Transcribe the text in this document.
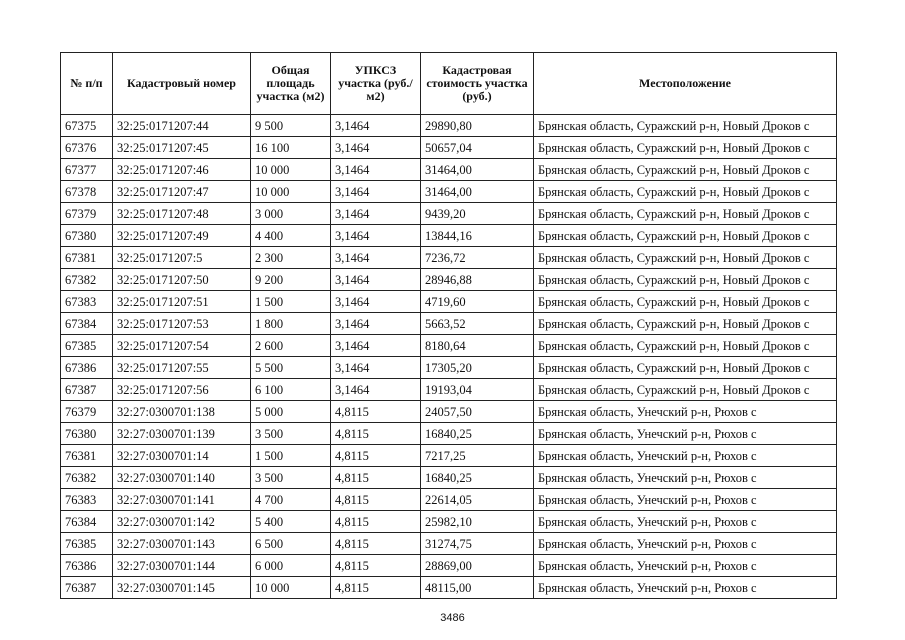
№ п/п	Кадастровый номер	Общая площадь участка (м2)	УПКСЗ участка (руб./м2)	Кадастровая стоимость участка (руб.)	Местоположение
67375	32:25:0171207:44	9 500	3,1464	29890,80	Брянская область, Суражский р-н, Новый Дроков с
67376	32:25:0171207:45	16 100	3,1464	50657,04	Брянская область, Суражский р-н, Новый Дроков с
67377	32:25:0171207:46	10 000	3,1464	31464,00	Брянская область, Суражский р-н, Новый Дроков с
67378	32:25:0171207:47	10 000	3,1464	31464,00	Брянская область, Суражский р-н, Новый Дроков с
67379	32:25:0171207:48	3 000	3,1464	9439,20	Брянская область, Суражский р-н, Новый Дроков с
67380	32:25:0171207:49	4 400	3,1464	13844,16	Брянская область, Суражский р-н, Новый Дроков с
67381	32:25:0171207:5	2 300	3,1464	7236,72	Брянская область, Суражский р-н, Новый Дроков с
67382	32:25:0171207:50	9 200	3,1464	28946,88	Брянская область, Суражский р-н, Новый Дроков с
67383	32:25:0171207:51	1 500	3,1464	4719,60	Брянская область, Суражский р-н, Новый Дроков с
67384	32:25:0171207:53	1 800	3,1464	5663,52	Брянская область, Суражский р-н, Новый Дроков с
67385	32:25:0171207:54	2 600	3,1464	8180,64	Брянская область, Суражский р-н, Новый Дроков с
67386	32:25:0171207:55	5 500	3,1464	17305,20	Брянская область, Суражский р-н, Новый Дроков с
67387	32:25:0171207:56	6 100	3,1464	19193,04	Брянская область, Суражский р-н, Новый Дроков с
76379	32:27:0300701:138	5 000	4,8115	24057,50	Брянская область, Унечский р-н, Рюхов с
76380	32:27:0300701:139	3 500	4,8115	16840,25	Брянская область, Унечский р-н, Рюхов с
76381	32:27:0300701:14	1 500	4,8115	7217,25	Брянская область, Унечский р-н, Рюхов с
76382	32:27:0300701:140	3 500	4,8115	16840,25	Брянская область, Унечский р-н, Рюхов с
76383	32:27:0300701:141	4 700	4,8115	22614,05	Брянская область, Унечский р-н, Рюхов с
76384	32:27:0300701:142	5 400	4,8115	25982,10	Брянская область, Унечский р-н, Рюхов с
76385	32:27:0300701:143	6 500	4,8115	31274,75	Брянская область, Унечский р-н, Рюхов с
76386	32:27:0300701:144	6 000	4,8115	28869,00	Брянская область, Унечский р-н, Рюхов с
76387	32:27:0300701:145	10 000	4,8115	48115,00	Брянская область, Унечский р-н, Рюхов с
3486
